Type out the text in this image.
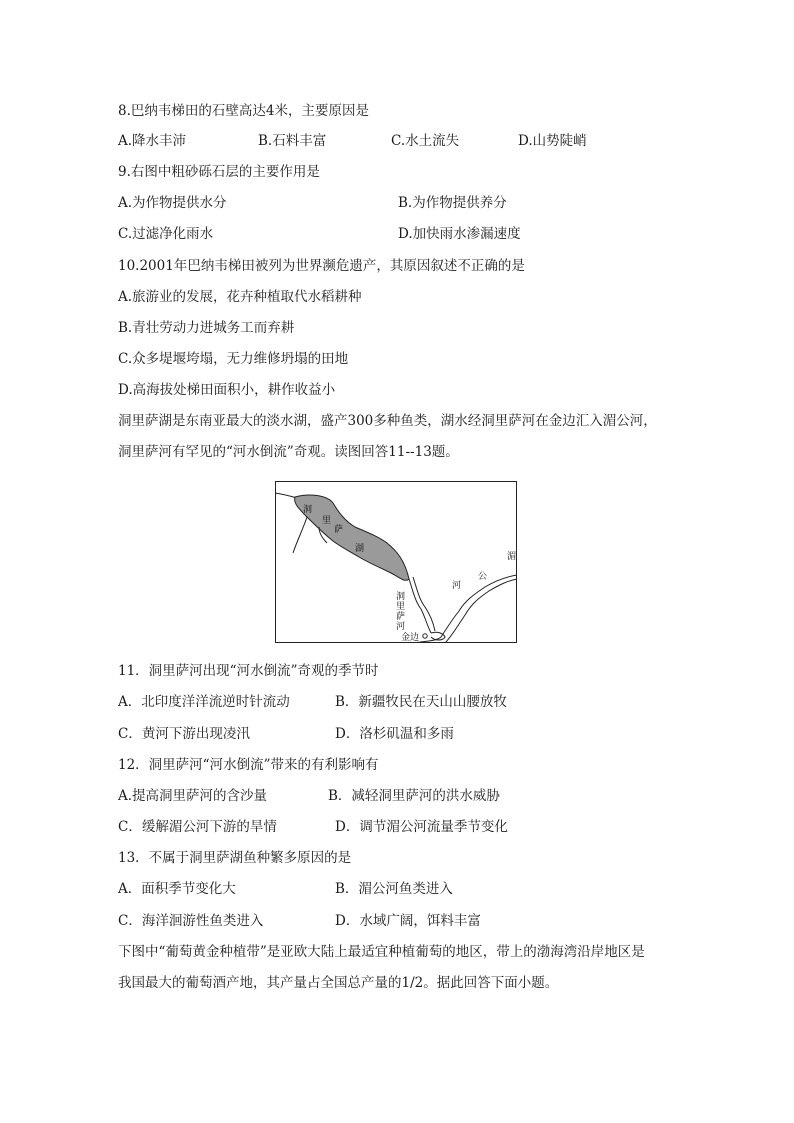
8.巴纳韦梯田的石壁高达4米，主要原因是
A.降水丰沛	B.石料丰富	C.水土流失	D.山势陡峭
9.右图中粗砂砾石层的主要作用是
A.为作物提供水分	B.为作物提供养分
C.过滤净化雨水	D.加快雨水渗漏速度
10.2001年巴纳韦梯田被列为世界濒危遗产，其原因叙述不正确的是
A.旅游业的发展，花卉种植取代水稻耕种
B.青壮劳动力进城务工而弃耕
C.众多堤堰垮塌，无力维修坍塌的田地
D.高海拔处梯田面积小，耕作收益小
洞里萨湖是东南亚最大的淡水湖，盛产300多种鱼类，湖水经洞里萨河在金边汇入湄公河，
洞里萨河有罕见的“河水倒流”奇观。读图回答11--13题。
洞
里
萨
湖
洞
里
萨
河
湄
公
河
金边
11．洞里萨河出现“河水倒流”奇观的季节时
A．北印度洋洋流逆时针流动	B．新疆牧民在天山山腰放牧
C．黄河下游出现凌汛	D．洛杉矶温和多雨
12．洞里萨河“河水倒流”带来的有利影响有
A.提高洞里萨河的含沙量	B．减轻洞里萨河的洪水威胁
C．缓解湄公河下游的旱情	D．调节湄公河流量季节变化
13．不属于洞里萨湖鱼种繁多原因的是
A．面积季节变化大	B．湄公河鱼类进入
C．海洋洄游性鱼类进入	D．水域广阔，饵料丰富
下图中“葡萄黄金种植带”是亚欧大陆上最适宜种植葡萄的地区，带上的渤海湾沿岸地区是
我国最大的葡萄酒产地，其产量占全国总产量的1/2。据此回答下面小题。
